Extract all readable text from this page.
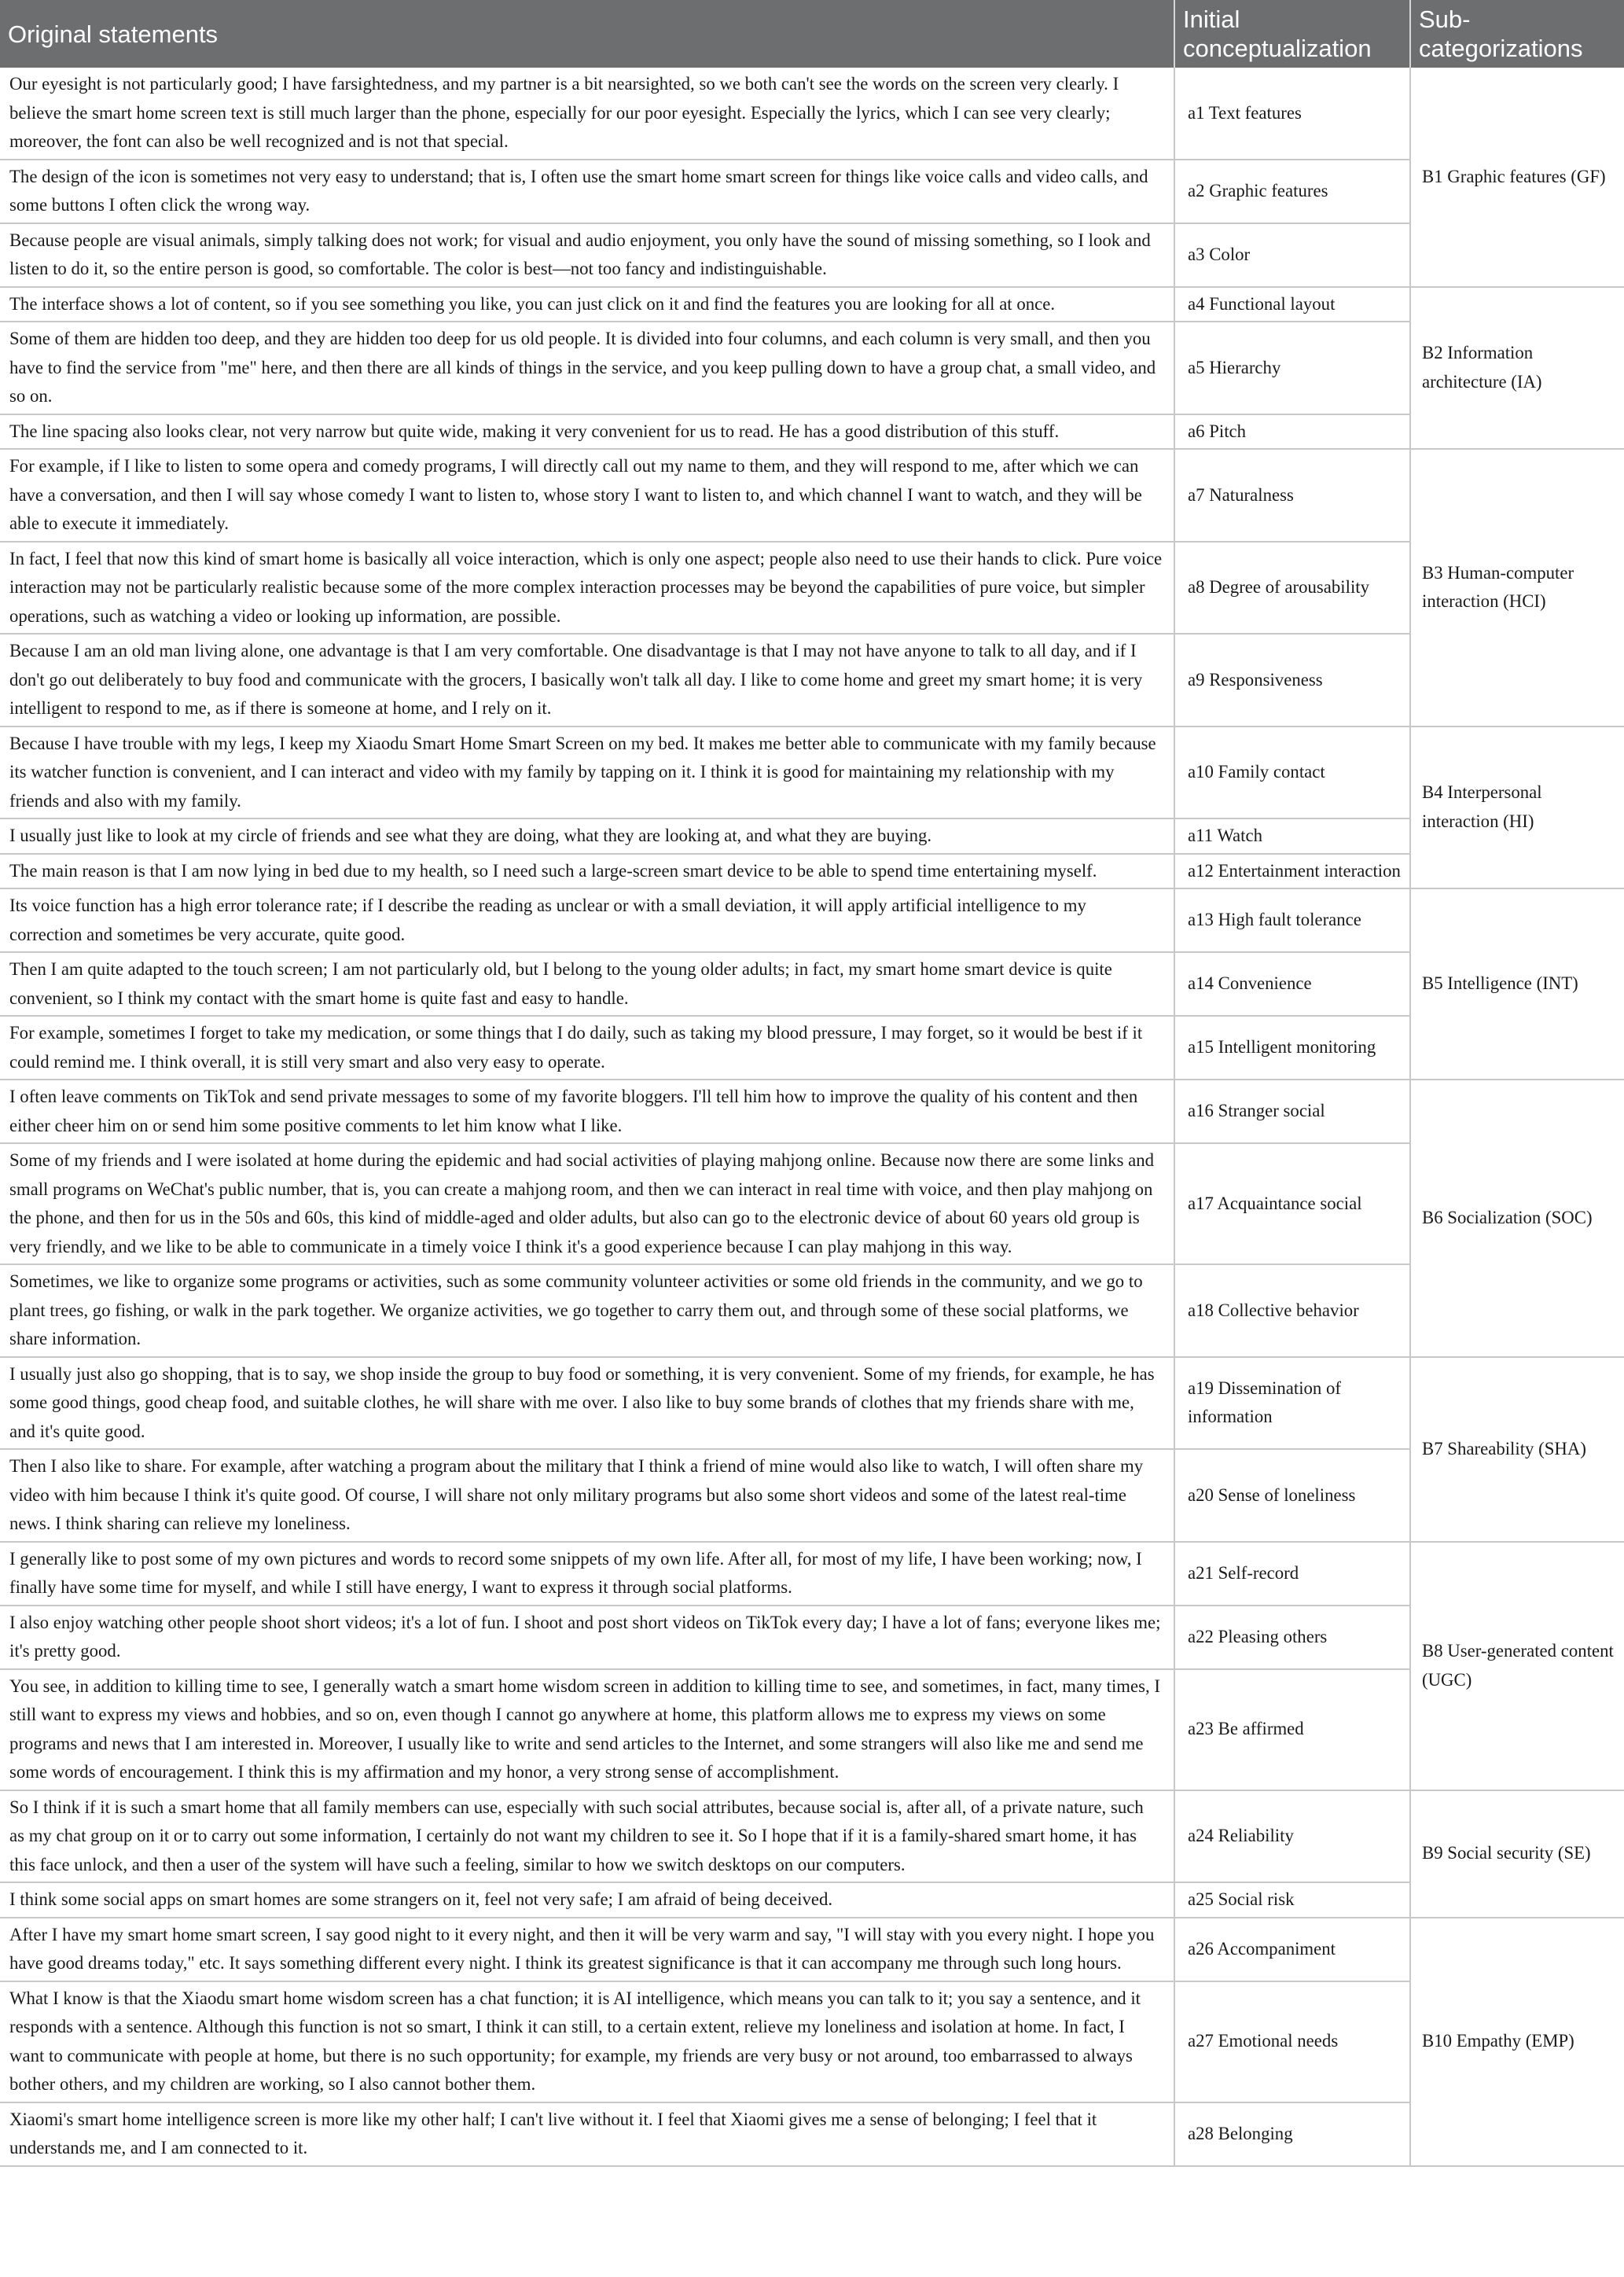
Original statements	Initial conceptualization	Sub-categorizations
Our eyesight is not particularly good; I have farsightedness, and my partner is a bit nearsighted, so we both can't see the words on the screen very clearly. I believe the smart home screen text is still much larger than the phone, especially for our poor eyesight. Especially the lyrics, which I can see very clearly; moreover, the font can also be well recognized and is not that special.	a1 Text features	B1 Graphic features (GF)
The design of the icon is sometimes not very easy to understand; that is, I often use the smart home smart screen for things like voice calls and video calls, and some buttons I often click the wrong way.	a2 Graphic features	
Because people are visual animals, simply talking does not work; for visual and audio enjoyment, you only have the sound of missing something, so I look and listen to do it, so the entire person is good, so comfortable. The color is best—not too fancy and indistinguishable.	a3 Color	
The interface shows a lot of content, so if you see something you like, you can just click on it and find the features you are looking for all at once.	a4 Functional layout	B2 Information architecture (IA)
Some of them are hidden too deep, and they are hidden too deep for us old people. It is divided into four columns, and each column is very small, and then you have to find the service from "me" here, and then there are all kinds of things in the service, and you keep pulling down to have a group chat, a small video, and so on.	a5 Hierarchy	
The line spacing also looks clear, not very narrow but quite wide, making it very convenient for us to read. He has a good distribution of this stuff.	a6 Pitch	
For example, if I like to listen to some opera and comedy programs, I will directly call out my name to them, and they will respond to me, after which we can have a conversation, and then I will say whose comedy I want to listen to, whose story I want to listen to, and which channel I want to watch, and they will be able to execute it immediately.	a7 Naturalness	B3 Human-computer interaction (HCI)
In fact, I feel that now this kind of smart home is basically all voice interaction, which is only one aspect; people also need to use their hands to click. Pure voice interaction may not be particularly realistic because some of the more complex interaction processes may be beyond the capabilities of pure voice, but simpler operations, such as watching a video or looking up information, are possible.	a8 Degree of arousability	
Because I am an old man living alone, one advantage is that I am very comfortable. One disadvantage is that I may not have anyone to talk to all day, and if I don't go out deliberately to buy food and communicate with the grocers, I basically won't talk all day. I like to come home and greet my smart home; it is very intelligent to respond to me, as if there is someone at home, and I rely on it.	a9 Responsiveness	
Because I have trouble with my legs, I keep my Xiaodu Smart Home Smart Screen on my bed. It makes me better able to communicate with my family because its watcher function is convenient, and I can interact and video with my family by tapping on it. I think it is good for maintaining my relationship with my friends and also with my family.	a10 Family contact	B4 Interpersonal interaction (HI)
I usually just like to look at my circle of friends and see what they are doing, what they are looking at, and what they are buying.	a11 Watch	
The main reason is that I am now lying in bed due to my health, so I need such a large-screen smart device to be able to spend time entertaining myself.	a12 Entertainment interaction	
Its voice function has a high error tolerance rate; if I describe the reading as unclear or with a small deviation, it will apply artificial intelligence to my correction and sometimes be very accurate, quite good.	a13 High fault tolerance	B5 Intelligence (INT)
Then I am quite adapted to the touch screen; I am not particularly old, but I belong to the young older adults; in fact, my smart home smart device is quite convenient, so I think my contact with the smart home is quite fast and easy to handle.	a14 Convenience	
For example, sometimes I forget to take my medication, or some things that I do daily, such as taking my blood pressure, I may forget, so it would be best if it could remind me. I think overall, it is still very smart and also very easy to operate.	a15 Intelligent monitoring	
I often leave comments on TikTok and send private messages to some of my favorite bloggers. I'll tell him how to improve the quality of his content and then either cheer him on or send him some positive comments to let him know what I like.	a16 Stranger social	B6 Socialization (SOC)
Some of my friends and I were isolated at home during the epidemic and had social activities of playing mahjong online. Because now there are some links and small programs on WeChat's public number, that is, you can create a mahjong room, and then we can interact in real time with voice, and then play mahjong on the phone, and then for us in the 50s and 60s, this kind of middle-aged and older adults, but also can go to the electronic device of about 60 years old group is very friendly, and we like to be able to communicate in a timely voice I think it's a good experience because I can play mahjong in this way.	a17 Acquaintance social	
Sometimes, we like to organize some programs or activities, such as some community volunteer activities or some old friends in the community, and we go to plant trees, go fishing, or walk in the park together. We organize activities, we go together to carry them out, and through some of these social platforms, we share information.	a18 Collective behavior	
I usually just also go shopping, that is to say, we shop inside the group to buy food or something, it is very convenient. Some of my friends, for example, he has some good things, good cheap food, and suitable clothes, he will share with me over. I also like to buy some brands of clothes that my friends share with me, and it's quite good.	a19 Dissemination of information	B7 Shareability (SHA)
Then I also like to share. For example, after watching a program about the military that I think a friend of mine would also like to watch, I will often share my video with him because I think it's quite good. Of course, I will share not only military programs but also some short videos and some of the latest real-time news. I think sharing can relieve my loneliness.	a20 Sense of loneliness	
I generally like to post some of my own pictures and words to record some snippets of my own life. After all, for most of my life, I have been working; now, I finally have some time for myself, and while I still have energy, I want to express it through social platforms.	a21 Self-record	B8 User-generated content (UGC)
I also enjoy watching other people shoot short videos; it's a lot of fun. I shoot and post short videos on TikTok every day; I have a lot of fans; everyone likes me; it's pretty good.	a22 Pleasing others	
You see, in addition to killing time to see, I generally watch a smart home wisdom screen in addition to killing time to see, and sometimes, in fact, many times, I still want to express my views and hobbies, and so on, even though I cannot go anywhere at home, this platform allows me to express my views on some programs and news that I am interested in. Moreover, I usually like to write and send articles to the Internet, and some strangers will also like me and send me some words of encouragement. I think this is my affirmation and my honor, a very strong sense of accomplishment.	a23 Be affirmed	
So I think if it is such a smart home that all family members can use, especially with such social attributes, because social is, after all, of a private nature, such as my chat group on it or to carry out some information, I certainly do not want my children to see it. So I hope that if it is a family-shared smart home, it has this face unlock, and then a user of the system will have such a feeling, similar to how we switch desktops on our computers.	a24 Reliability	B9 Social security (SE)
I think some social apps on smart homes are some strangers on it, feel not very safe; I am afraid of being deceived.	a25 Social risk	
After I have my smart home smart screen, I say good night to it every night, and then it will be very warm and say, "I will stay with you every night. I hope you have good dreams today," etc. It says something different every night. I think its greatest significance is that it can accompany me through such long hours.	a26 Accompaniment	B10 Empathy (EMP)
What I know is that the Xiaodu smart home wisdom screen has a chat function; it is AI intelligence, which means you can talk to it; you say a sentence, and it responds with a sentence. Although this function is not so smart, I think it can still, to a certain extent, relieve my loneliness and isolation at home. In fact, I want to communicate with people at home, but there is no such opportunity; for example, my friends are very busy or not around, too embarrassed to always bother others, and my children are working, so I also cannot bother them.	a27 Emotional needs	
Xiaomi's smart home intelligence screen is more like my other half; I can't live without it. I feel that Xiaomi gives me a sense of belonging; I feel that it understands me, and I am connected to it.	a28 Belonging	
